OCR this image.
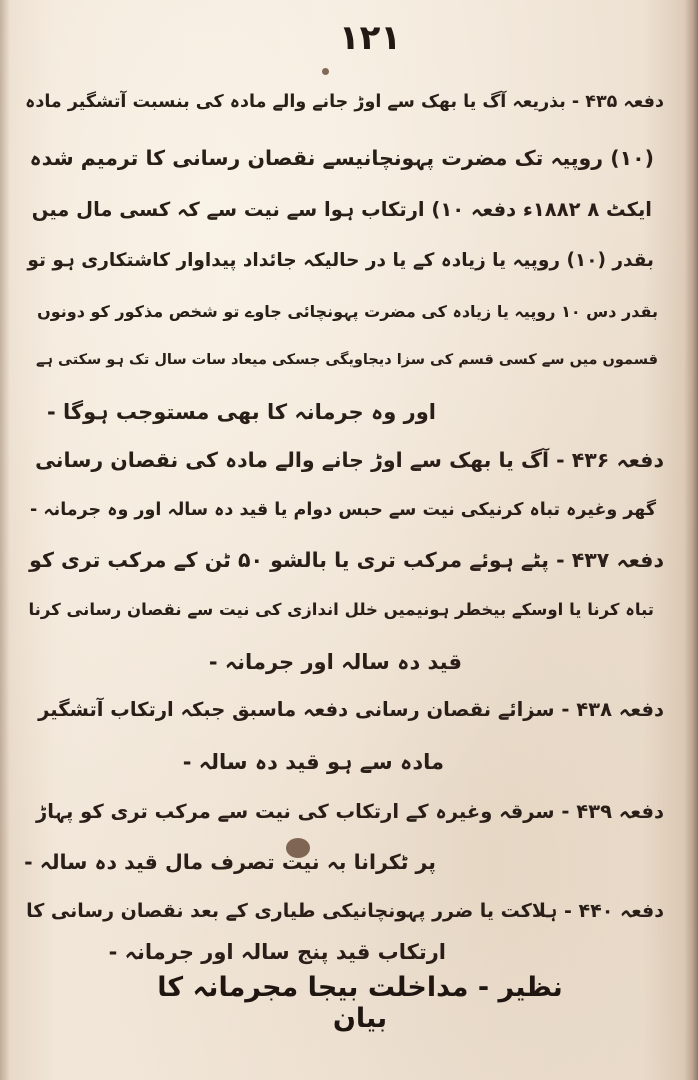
۱۲۱
دفعہ ۴۳۵ - بذریعہ آگ یا بھک سے اوڑ جانے والے مادہ کی بنسبت آتشگیر مادہ
(۱۰) روپیہ تک مضرت پہونچانیسے نقصان رسانی کا ترمیم شدہ
ایکٹ ۸ ۱۸۸۲ء دفعہ ۱۰) ارتکاب ہوا سے نیت سے کہ کسی مال میں
بقدر (۱۰) روپیہ یا زیادہ کے یا در حالیکہ جائداد پیداوار کاشتکاری ہو تو
بقدر دس ۱۰ روپیہ یا زیادہ کی مضرت پہونچائی جاوے تو شخص مذکور کو دونوں
قسموں میں سے کسی قسم کی سزا دیجاویگی جسکی میعاد سات سال تک ہو سکتی ہے
اور وہ جرمانہ کا بھی مستوجب ہوگا -
دفعہ ۴۳۶ - آگ یا بھک سے اوڑ جانے والے مادہ کی نقصان رسانی
گھر وغیرہ تباہ کرنیکی نیت سے حبس دوام یا قید دہ سالہ اور وہ جرمانہ -
دفعہ ۴۳۷ - پٹے ہوئے مرکب تری یا بالشو ۵۰ ٹن کے مرکب تری کو
تباہ کرنا یا اوسکے بیخطر ہونیمیں خلل اندازی کی نیت سے نقصان رسانی کرنا
قید دہ سالہ اور جرمانہ -
دفعہ ۴۳۸ - سزائے نقصان رسانی دفعہ ماسبق جبکہ ارتکاب آتشگیر
مادہ سے ہو قید دہ سالہ -
دفعہ ۴۳۹ - سرقہ وغیرہ کے ارتکاب کی نیت سے مرکب تری کو پہاڑ
پر ٹکرانا بہ نیت تصرف مال قید دہ سالہ -
دفعہ ۴۴۰ - ہلاکت یا ضرر پہونچانیکی طیاری کے بعد نقصان رسانی کا
ارتکاب قید پنج سالہ اور جرمانہ -
نظیر - مداخلت بیجا مجرمانہ کا بیان
